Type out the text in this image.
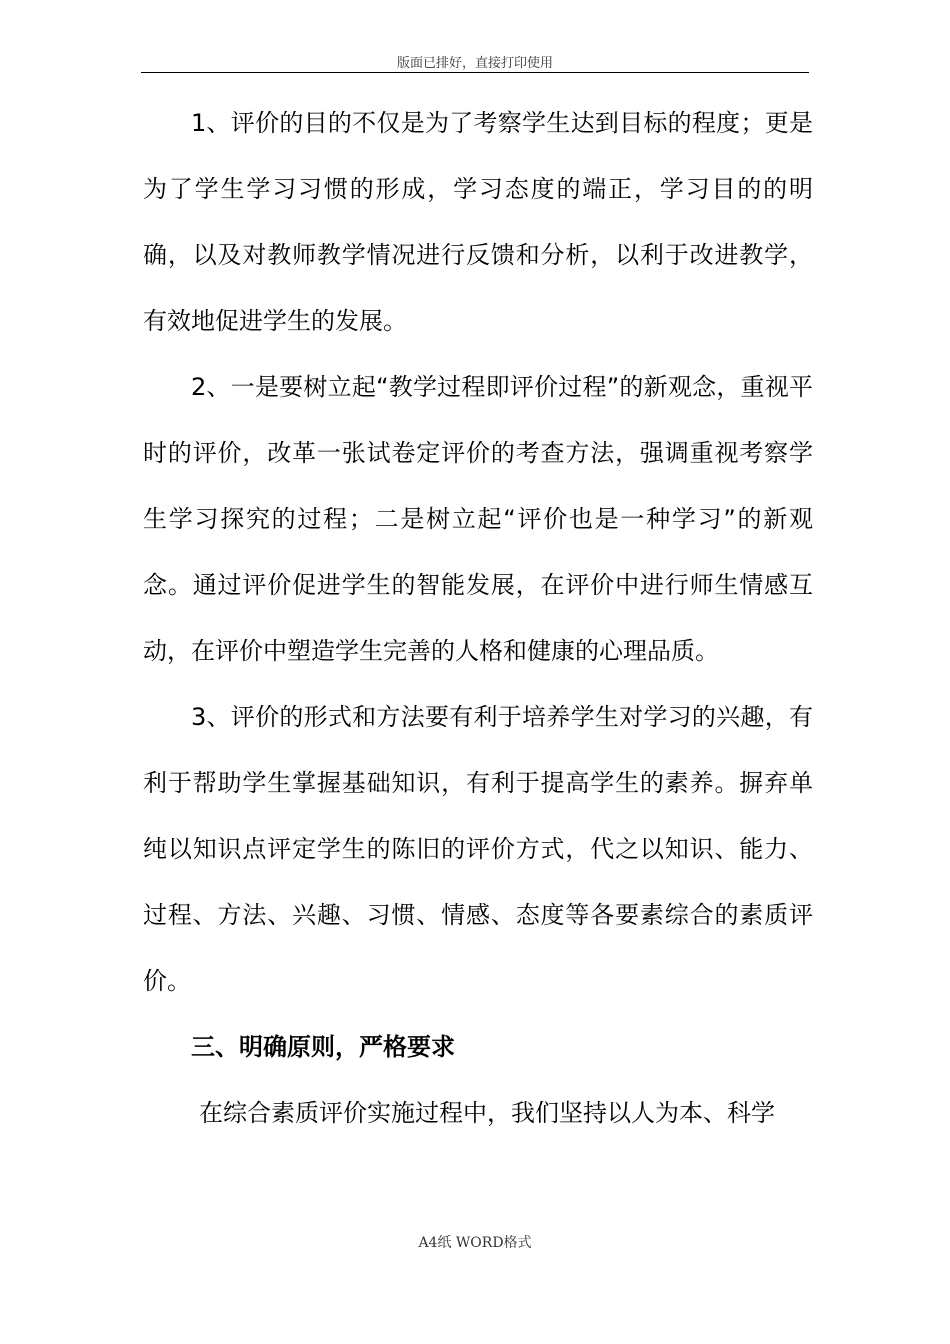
版面已排好，直接打印使用

1、评价的目的不仅是为了考察学生达到目标的程度；更是为了学生学习习惯的形成，学习态度的端正，学习目的的明确，以及对教师教学情况进行反馈和分析，以利于改进教学，有效地促进学生的发展。

2、一是要树立起“教学过程即评价过程”的新观念，重视平时的评价，改革一张试卷定评价的考查方法，强调重视考察学生学习探究的过程；二是树立起“评价也是一种学习”的新观念。通过评价促进学生的智能发展，在评价中进行师生情感互动，在评价中塑造学生完善的人格和健康的心理品质。

3、评价的形式和方法要有利于培养学生对学习的兴趣，有利于帮助学生掌握基础知识，有利于提高学生的素养。摒弃单纯以知识点评定学生的陈旧的评价方式，代之以知识、能力、过程、方法、兴趣、习惯、情感、态度等各要素综合的素质评价。

三、明确原则，严格要求

在综合素质评价实施过程中，我们坚持以人为本、科学

A4纸 WORD格式
